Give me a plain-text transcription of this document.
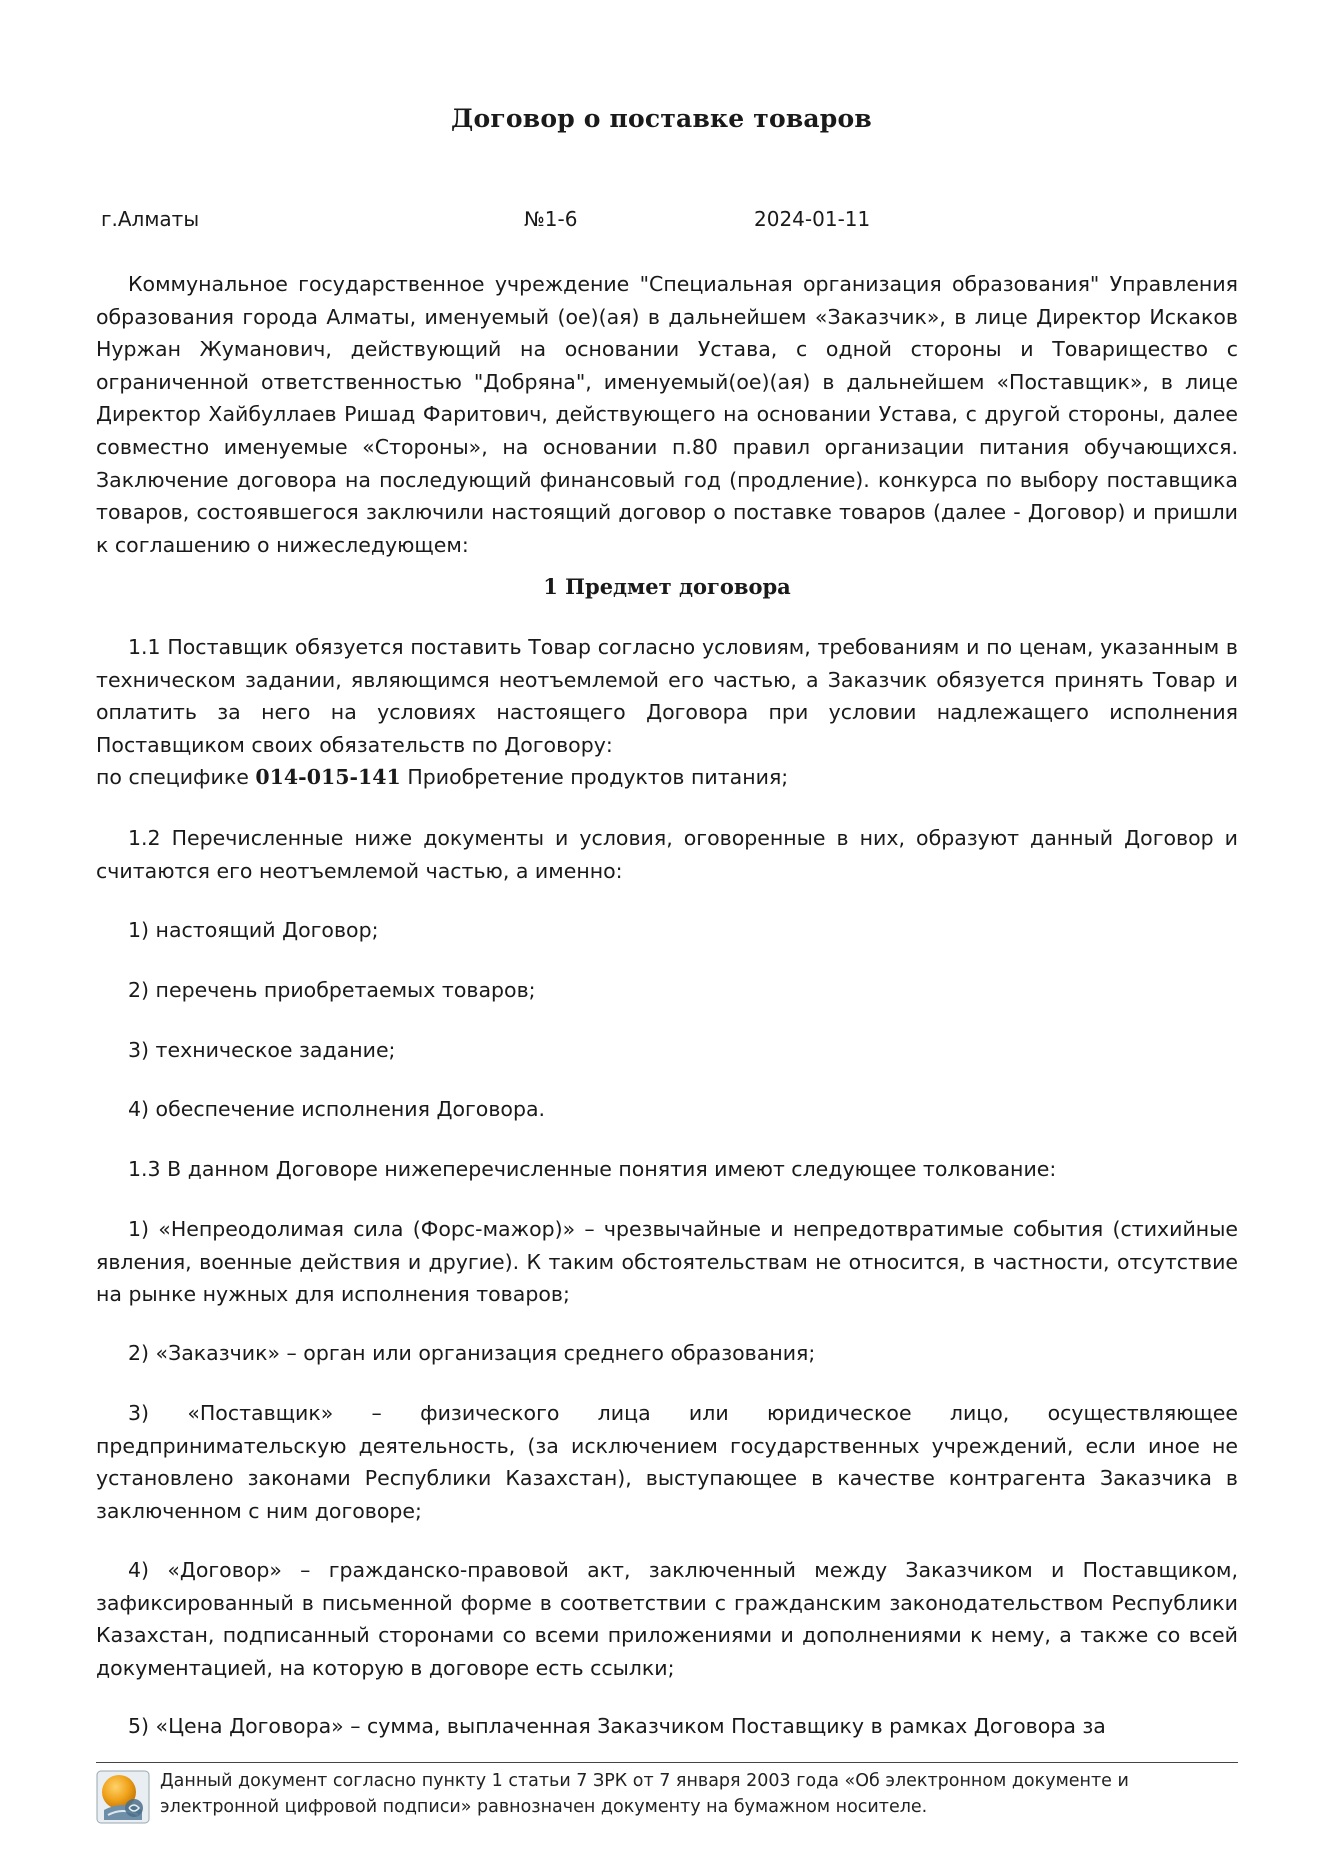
Договор о поставке товаров
г.Алматы	№1-6	2024-01-11

Коммунальное государственное учреждение "Специальная организация образования" Управления образования города Алматы, именуемый (ое)(ая) в дальнейшем «Заказчик», в лице Директор Искаков Нуржан Жуманович, действующий на основании Устава, с одной стороны и Товарищество с ограниченной ответственностью "Добряна", именуемый(ое)(ая) в дальнейшем «Поставщик», в лице Директор Хайбуллаев Ришад Фаритович, действующего на основании Устава, с другой стороны, далее совместно именуемые «Стороны», на основании п.80 правил организации питания обучающихся. Заключение договора на последующий финансовый год (продление). конкурса по выбору поставщика товаров, состоявшегося заключили настоящий договор о поставке товаров (далее - Договор) и пришли к соглашению о нижеследующем:

1 Предмет договора

1.1 Поставщик обязуется поставить Товар согласно условиям, требованиям и по ценам, указанным в техническом задании, являющимся неотъемлемой его частью, а Заказчик обязуется принять Товар и оплатить за него на условиях настоящего Договора при условии надлежащего исполнения Поставщиком своих обязательств по Договору:

по специфике 014-015-141 Приобретение продуктов питания;

1.2 Перечисленные ниже документы и условия, оговоренные в них, образуют данный Договор и считаются его неотъемлемой частью, а именно:

1) настоящий Договор;

2) перечень приобретаемых товаров;

3) техническое задание;

4) обеспечение исполнения Договора.

1.3 В данном Договоре нижеперечисленные понятия имеют следующее толкование:

1) «Непреодолимая сила (Форс-мажор)» – чрезвычайные и непредотвратимые события (стихийные явления, военные действия и другие). К таким обстоятельствам не относится, в частности, отсутствие на рынке нужных для исполнения товаров;

2) «Заказчик» – орган или организация среднего образования;

3) «Поставщик» – физического лица или юридическое лицо, осуществляющее предпринимательскую деятельность, (за исключением государственных учреждений, если иное не установлено законами Республики Казахстан), выступающее в качестве контрагента Заказчика в заключенном с ним договоре;

4) «Договор» – гражданско-правовой акт, заключенный между Заказчиком и Поставщиком, зафиксированный в письменной форме в соответствии с гражданским законодательством Республики Казахстан, подписанный сторонами со всеми приложениями и дополнениями к нему, а также со всей документацией, на которую в договоре есть ссылки;

5) «Цена Договора» – сумма, выплаченная Заказчиком Поставщику в рамках Договора за

Данный документ согласно пункту 1 статьи 7 ЗРК от 7 января 2003 года «Об электронном документе и
электронной цифровой подписи» равнозначен документу на бумажном носителе.
